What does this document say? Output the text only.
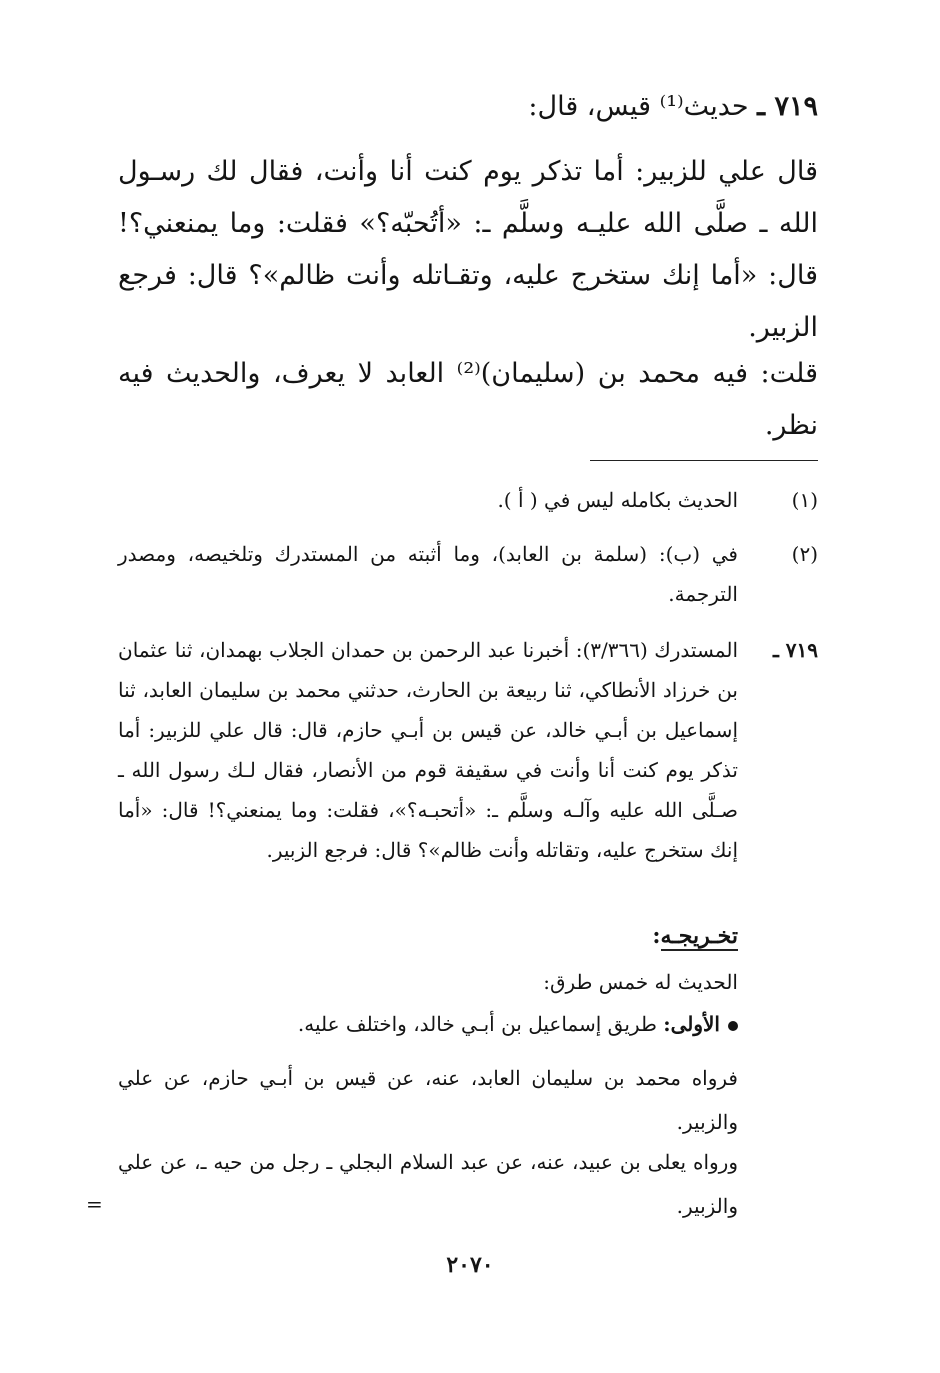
٧١٩ ـ حديث⁽¹⁾ قيس، قال:
قال علي للزبير: أما تذكر يوم كنت أنا وأنت، فقال لك رسـول الله ـ صلَّى الله عليـه وسلَّم ـ: «أتُحبّه؟» فقلت: وما يمنعني؟! قال: «أما إنك ستخرج عليه، وتقـاتله وأنت ظالم»؟ قال: فرجع الزبير.
قلت: فيه محمد بن (سليمان)⁽²⁾ العابد لا يعرف، والحديث فيه نظر.
(١)
الحديث بكامله ليس في ( أ ).
(٢)
في (ب): (سلمة بن العابد)، وما أثبته من المستدرك وتلخيصه، ومصدر الترجمة.
٧١٩ ـ
المستدرك (٣/٣٦٦): أخبرنا عبد الرحمن بن حمدان الجلاب بهمدان، ثنا عثمان بن خرزاد الأنطاكي، ثنا ربيعة بن الحارث، حدثني محمد بن سليمان العابد، ثنا إسماعيل بن أبـي خالد، عن قيس بن أبـي حازم، قال: قال علي للزبير: أما تذكر يوم كنت أنا وأنت في سقيفة قوم من الأنصار، فقال لـك رسول الله ـ صـلَّى الله عليه وآلـه وسلَّم ـ: «أتحبـه؟»، فقلت: وما يمنعني؟! قال: «أما إنك ستخرج عليه، وتقاتله وأنت ظالم»؟ قال: فرجع الزبير.
تخـريجـه:
الحديث له خمس طرق:
الأولى: طريق إسماعيل بن أبـي خالد، واختلف عليه.
فرواه محمد بن سليمان العابد، عنه، عن قيس بن أبـي حازم، عن علي والزبير.
ورواه يعلى بن عبيد، عنه، عن عبد السلام البجلي ـ رجل من حيه ـ، عن علي والزبير.
=
٢٠٧٠
